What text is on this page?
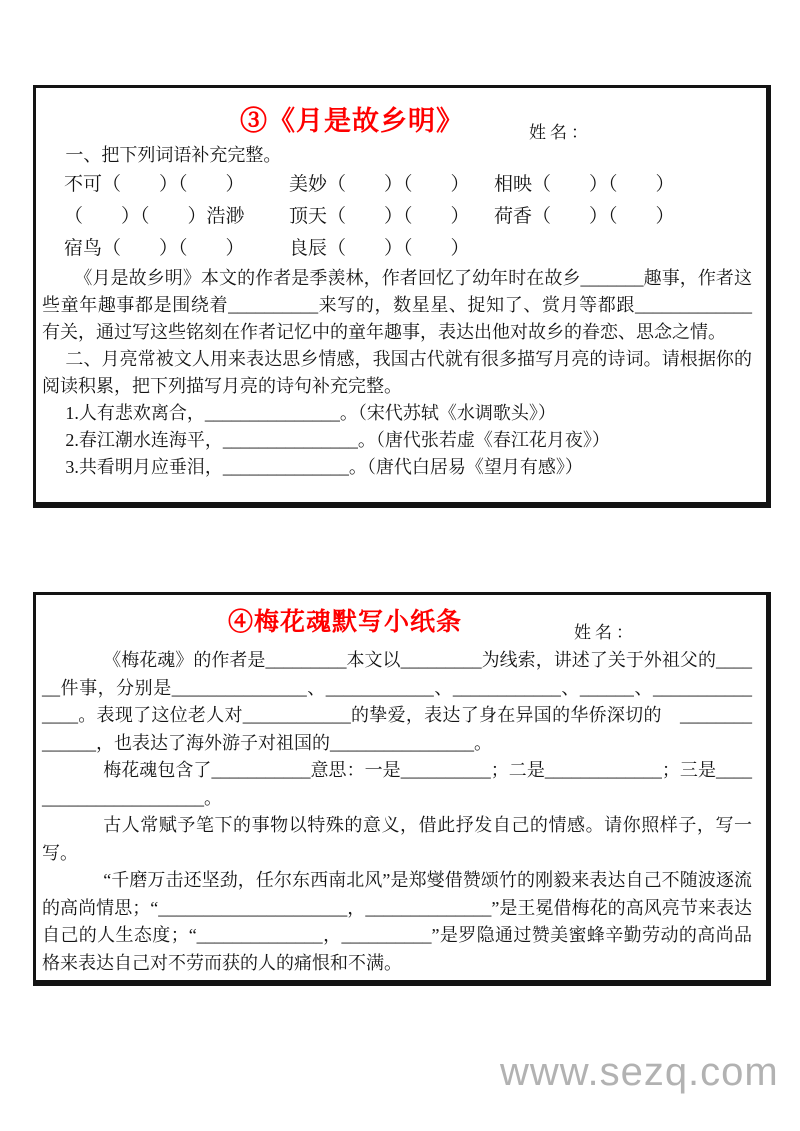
③《月是故乡明》	姓名：

一、把下列词语补充完整。

不可（　　）（　　）	美妙（　　）（　　）	相映（　　）（　　）
（　　）（　　）浩渺	顶天（　　）（　　）	荷香（　　）（　　）
宿鸟（　　）（　　）	良辰（　　）（　　）

《月是故乡明》本文的作者是季羡林，作者回忆了幼年时在故乡_______趣事，作者这些童年趣事都是围绕着__________来写的，数星星、捉知了、赏月等都跟_____________有关，通过写这些铭刻在作者记忆中的童年趣事，表达出他对故乡的眷恋、思念之情。

二、月亮常被文人用来表达思乡情感，我国古代就有很多描写月亮的诗词。请根据你的阅读积累，把下列描写月亮的诗句补充完整。

1.人有悲欢离合，_______________。（宋代苏轼《水调歌头》）

2.春江潮水连海平，_______________。（唐代张若虚《春江花月夜》）

3.共看明月应垂泪，______________。（唐代白居易《望月有感》）

④梅花魂默写小纸条	姓名：

《梅花魂》的作者是_________本文以_________为线索，讲述了关于外祖父的______件事，分别是_______________、____________、____________、______、_______________。表现了这位老人对____________的挚爱，表达了身在异国的华侨深切的　______________，也表达了海外游子对祖国的________________。

梅花魂包含了___________意思：一是__________；二是_____________；三是______________________。

古人常赋予笔下的事物以特殊的意义，借此抒发自己的情感。请你照样子，写一写。

“千磨万击还坚劲，任尔东西南北风”是郑燮借赞颂竹的刚毅来表达自己不随波逐流的高尚情思；“_____________________，______________”是王冕借梅花的高风亮节来表达自己的人生态度；“______________，__________”是罗隐通过赞美蜜蜂辛勤劳动的高尚品格来表达自己对不劳而获的人的痛恨和不满。

www.sezq.com
